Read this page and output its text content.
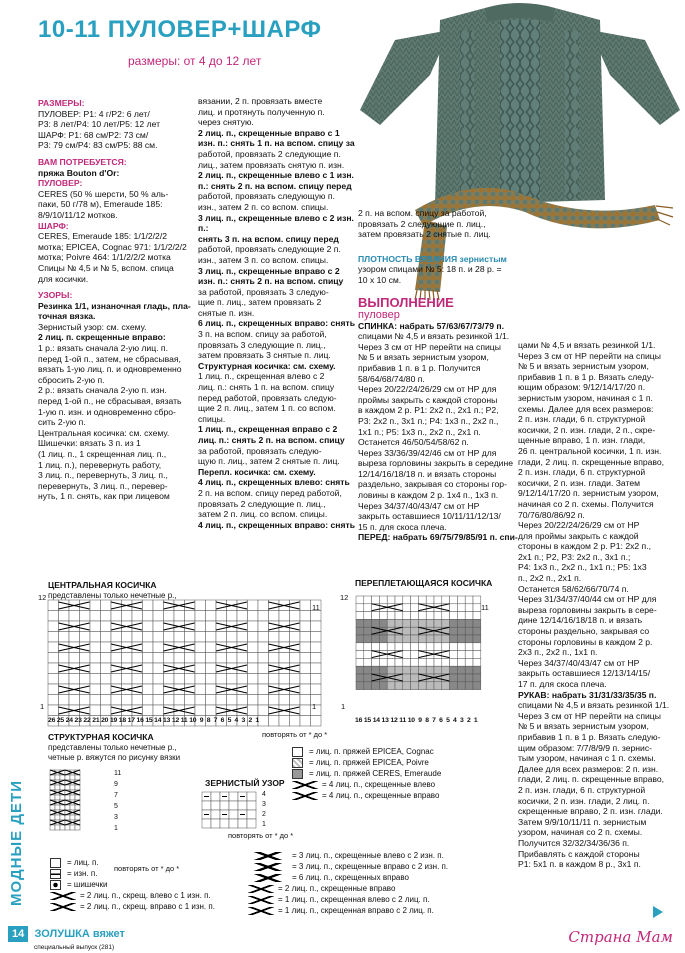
10-11 ПУЛОВЕР+ШАРФ
размеры: от 4 до 12 лет

РАЗМЕРЫ:

ПУЛОВЕР: Р1: 4 г/Р2: 6 лет/

Р3: 8 лет/Р4: 10 лет/Р5: 12 лет

ШАРФ: Р1: 68 см/Р2: 73 см/

Р3: 79 см/Р4: 83 см/Р5: 88 см.

ВАМ ПОТРЕБУЕТСЯ:

пряжа Bouton d'Or:

ПУЛОВЕР:

CERES (50 % шерсти, 50 % аль-

паки, 50 г/78 м), Emeraude 185:

8/9/10/11/12 мотков.

ШАРФ:

CERES, Emeraude 185: 1/1/2/2/2

мотка; EPICEA, Cognac 971: 1/1/2/2/2

мотка; Poivre 464: 1/1/2/2/2 мотка

Спицы № 4,5 и № 5, вспом. спица

для косички.

УЗОРЫ:

Резинка 1/1, изнаночная гладь, пла-

точная вязка.

Зернистый узор: см. схему.

2 лиц. п. скрещенные вправо:

1 р.: вязать сначала 2-ую лиц. п.

перед 1-ой п., затем, не сбрасывая,

вязать 1-ую лиц. п. и одновременно

сбросить 2-ую п.

2 р.: вязать сначала 2-ую п. изн.

перед 1-ой п., не сбрасывая, вязать

1-ую п. изн. и одновременно сбро-

сить 2-ую п.

Центральная косичка: см. схему.

Шишечки: вязать 3 п. из 1

(1 лиц. п., 1 скрещенная лиц. п.,

1 лиц. п.), перевернуть работу,

3 лиц. п., перевернуть, 3 лиц. п.,

перевернуть, 3 лиц. п., перевер-

нуть, 1 п. снять, как при лицевом

вязании, 2 п. провязать вместе

лиц. и протянуть полученную п.

через снятую.

2 лиц. п., скрещенные вправо с 1

изн. п.: снять 1 п. на вспом. спицу за

работой, провязать 2 следующие п.

лиц., затем провязать снятую п. изн.

2 лиц. п., скрещенные влево с 1 изн.

п.: снять 2 п. на вспом. спицу перед

работой, провязать следующую п.

изн., затем 2 п. со вспом. спицы.

3 лиц. п., скрещенные влево с 2 изн. п.:

снять 3 п. на вспом. спицу перед

работой, провязать следующие 2 п.

изн., затем 3 п. со вспом. спицы.

3 лиц. п., скрещенные вправо с 2

изн. п.: снять 2 п. на вспом. спицу

за работой, провязать 3 следую-

щие п. лиц., затем провязать 2

снятые п. изн.

6 лиц. п., скрещенных вправо: снять

3 п. на вспом. спицу за работой,

провязать 3 следующие п. лиц.,

затем провязать 3 снятые п. лиц.

Структурная косичка: см. схему.

1 лиц. п., скрещенная влево с 2

лиц. п.: снять 1 п. на вспом. спицу

перед работой, провязать следую-

щие 2 п. лиц., затем 1 п. со вспом.

спицы.

1 лиц. п., скрещенная вправо с 2

лиц. п.: снять 2 п. на вспом. спицу

за работой, провязать следую-

щую п. лиц., затем 2 снятые п. лиц.

Перепл. косичка: см. схему.

4 лиц. п., скрещенных влево: снять

2 п. на вспом. спицу перед работой,

провязать 2 следующие п. лиц.,

затем 2 п. лиц. со вспом. спицы.

4 лиц. п., скрещенных вправо: снять

2 п. на вспом. спицу за работой,

провязать 2 следующие п. лиц.,

затем провязать 2 снятые п. лиц.

ПЛОТНОСТЬ ВЯЗАНИЯ зернистым

узором спицами № 5: 18 п. и 28 р. =

10 х 10 см.

ВЫПОЛНЕНИЕ

пуловер

СПИНКА: набрать 57/63/67/73/79 п.

спицами № 4,5 и вязать резинкой 1/1.

Через 3 см от НР перейти на спицы

№ 5 и вязать зернистым узором,

прибавив 1 п. в 1 р. Получится

58/64/68/74/80 п.

Через 20/22/24/26/29 см от НР для

проймы закрыть с каждой стороны

в каждом 2 р. Р1: 2x2 п., 2x1 п.; Р2,

Р3: 2x2 п., 3x1 п.; Р4: 1x3 п., 2x2 п.,

1x1 п.; Р5: 1x3 п., 2x2 п., 2x1 п.

Останется 46/50/54/58/62 п.

Через 33/36/39/42/46 см от НР для

выреза горловины закрыть в середине

12/14/16/18/18 п. и вязать стороны

раздельно, закрывая со стороны гор-

ловины в каждом 2 р. 1x4 п., 1x3 п.

Через 34/37/40/43/47 см от НР

закрыть оставшиеся 10/11/11/12/13/

15 п. для скоса плеча.

ПЕРЕД: набрать 69/75/79/85/91 п. спи-

цами № 4,5 и вязать резинкой 1/1.

Через 3 см от НР перейти на спицы

№ 5 и вязать зернистым узором,

прибавив 1 п. в 1 р. Вязать следу-

ющим образом: 9/12/14/17/20 п.

зернистым узором, начиная с 1 п.

схемы. Далее для всех размеров:

2 п. изн. глади, 6 п. структурной

косички, 2 п. изн. глади, 2 п., скре-

щенные вправо, 1 п. изн. глади,

26 п. центральной косички, 1 п. изн.

глади, 2 лиц. п. скрещенные вправо,

2 п. изн. глади, 6 п. структурной

косички, 2 п. изн. глади. Затем

9/12/14/17/20 п. зернистым узором,

начиная со 2 п. схемы. Получится

70/76/80/86/92 п.

Через 20/22/24/26/29 см от НР

для проймы закрыть с каждой

стороны в каждом 2 р. Р1: 2x2 п.,

2x1 п.; Р2, Р3: 2x2 п., 3x1 п.;

Р4: 1x3 п., 2x2 п., 1x1 п.; Р5: 1x3

п., 2x2 п., 2x1 п.

Останется 58/62/66/70/74 п.

Через 31/34/37/40/44 см от НР для

выреза горловины закрыть в сере-

дине 12/14/16/18/18 п. и вязать

стороны раздельно, закрывая со

стороны горловины в каждом 2 р.

2x3 п., 2x2 п., 1x1 п.

Через 34/37/40/43/47 см от НР

закрыть оставшиеся 12/13/14/15/

17 п. для скоса плеча.

РУКАВ: набрать 31/31/33/35/35 п.

спицами № 4,5 и вязать резинкой 1/1.

Через 3 см от НР перейти на спицы

№ 5 и вязать зернистым узором,

прибавив 1 п. в 1 р. Вязать следую-

щим образом: 7/7/8/9/9 п. зернис-

тым узором, начиная с 1 п. схемы.

Далее для всех размеров: 2 п. изн.

глади, 2 лиц. п. скрещенные вправо,

2 п. изн. глади, 6 п. структурной

косички, 2 п. изн. глади, 2 лиц. п.

скрещенные вправо, 2 п. изн. глади.

Затем 9/9/10/11/11 п. зернистым

узором, начиная со 2 п. схемы.

Получится 32/32/34/36/36 п.

Прибавлять с каждой стороны

Р1: 5x1 п. в каждом 8 р., 3x1 п.

ЦЕНТРАЛЬНАЯ КОСИЧКА
представлены только нечетные р.,
12
1
11
1
26 25 24 23 22 21 20 19 18 17 16 15 14 13 12 11 10  9  8  7  6  5  4  3  2  1
ПЕРЕПЛЕТАЮЩАЯСЯ КОСИЧКА
12
11
1
16 15 14 13 12 11 10  9  8  7  6  5  4  3  2  1
повторять от * до *
СТРУКТУРНАЯ КОСИЧКА
представлены только нечетные р.,
четные р. вяжутся по рисунку вязки
11
9
7
5
3
1
повторять от * до *
ЗЕРНИСТЫЙ УЗОР
4
3
2
1
повторять от * до *
= лиц. п. пряжей EPICEA, Cognac
= лиц. п. пряжей EPICEA, Poivre
= лиц. п. пряжей CERES, Emeraude
= 4 лиц. п., скрещенные влево
= 4 лиц. п., скрещенные вправо
= лиц. п.
= изн. п.
= шишечки
= 2 лиц. п., скрещ. влево с 1 изн. п.
= 2 лиц. п., скрещ. вправо с 1 изн. п.
= 3 лиц. п., скрещенные влево с 2 изн. п.
= 3 лиц. п., скрещенные вправо с 2 изн. п.
= 6 лиц. п., скрещенных вправо
= 2 лиц. п., скрещенные вправо
= 1 лиц. п., скрещенная влево с 2 лиц. п.
= 1 лиц. п., скрещенная вправо с 2 лиц. п.
МОДНЫЕ ДЕТИ
14 ЗОЛУШКА вяжет
специальный выпуск (281)
Страна Мам
